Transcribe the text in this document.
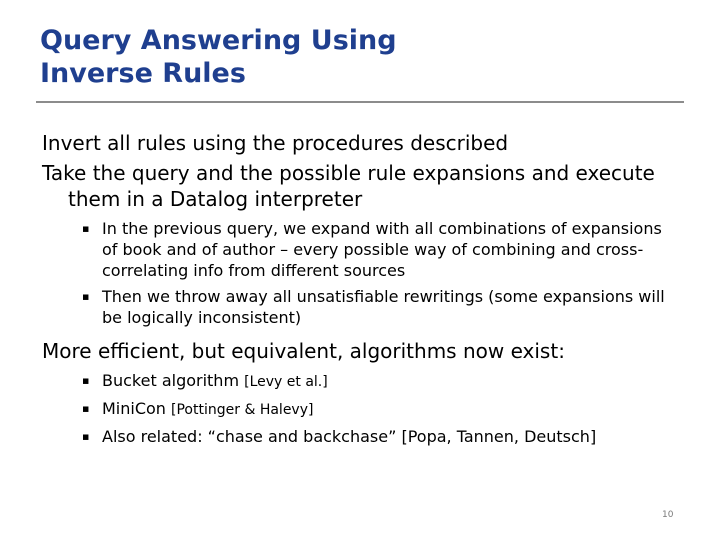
Query Answering Using
Inverse Rules

Invert all rules using the procedures described

Take the query and the possible rule expansions and execute them in a Datalog interpreter

▪ In the previous query, we expand with all combinations of expansions of book and of author – every possible way of combining and cross-correlating info from different sources

▪ Then we throw away all unsatisfiable rewritings (some expansions will be logically inconsistent)

More efficient, but equivalent, algorithms now exist:

▪ Bucket algorithm [Levy et al.]

▪ MiniCon [Pottinger & Halevy]

▪ Also related: “chase and backchase” [Popa, Tannen, Deutsch]

10
